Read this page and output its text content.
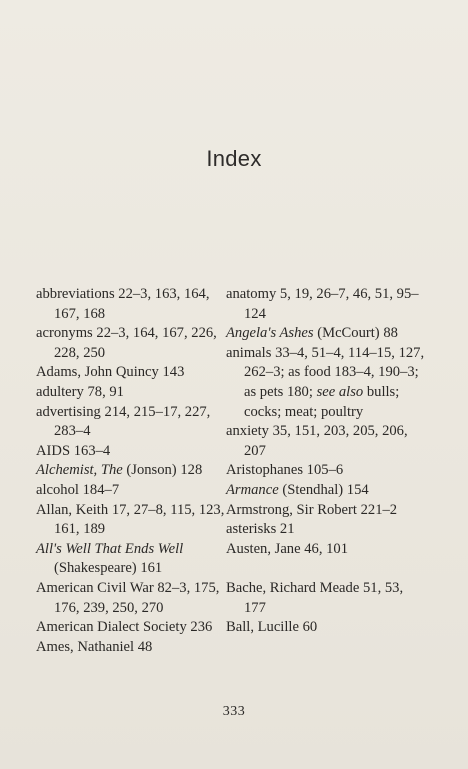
Index
abbreviations 22–3, 163, 164, 167, 168
acronyms 22–3, 164, 167, 226, 228, 250
Adams, John Quincy 143
adultery 78, 91
advertising 214, 215–17, 227, 283–4
AIDS 163–4
Alchemist, The (Jonson) 128
alcohol 184–7
Allan, Keith 17, 27–8, 115, 123, 161, 189
All's Well That Ends Well (Shakespeare) 161
American Civil War 82–3, 175, 176, 239, 250, 270
American Dialect Society 236
Ames, Nathaniel 48
anatomy 5, 19, 26–7, 46, 51, 95–124
Angela's Ashes (McCourt) 88
animals 33–4, 51–4, 114–15, 127, 262–3; as food 183–4, 190–3; as pets 180; see also bulls; cocks; meat; poultry
anxiety 35, 151, 203, 205, 206, 207
Aristophanes 105–6
Armance (Stendhal) 154
Armstrong, Sir Robert 221–2
asterisks 21
Austen, Jane 46, 101
Bache, Richard Meade 51, 53, 177
Ball, Lucille 60
333
